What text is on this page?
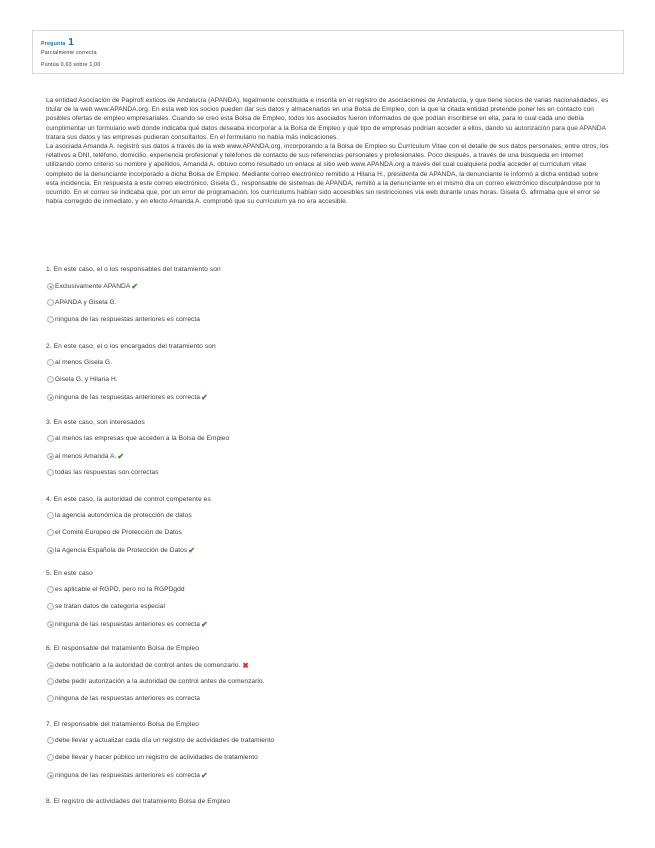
Pregunta 1
Parcialmente correcta
Puntúa 0,63 sobre 1,00

La entidad Asociación de Papirofl exticos de Andalucía (APANDA), legalmente constituida e inscrita en el registro de asociaciones de Andalucía, y que tiene socios de varias nacionalidades, es titular de la web www.APANDA.org. En esta web los socios pueden dar sus datos y almacenarlos en una Bolsa de Empleo, con la que la citada entidad pretende poner les en contacto con posibles ofertas de empleo empresariales. Cuando se creo esta Bolsa de Empleo, todos los asociados fueron informados de que podían inscribirse en ella, para lo cual cada uno debía cumplimentar un formulario web donde indicaba qué datos deseaba incorporar a la Bolsa de Empleo y qué tipo de empresas podrían acceder a ellos, dando su autorización para que APANDA tratara sus datos y las empresas pudieran consultarlos. En el formulario no había más indicaciones.

La asociada Amanda A. registró sus datos a través de la web www.APANDA.org, incorporando a la Bolsa de Empleo su Currículum Vitae con el detalle de sus datos personales, entre otros, los relativos a DNI, teléfono, domicilio, experiencia profesional y teléfonos de contacto de sus referencias personales y profesionales. Poco después, a través de una búsqueda en Internet utilizando como criterio su nombre y apellidos, Amanda A. obtuvo como resultado un enlace al sitio web www.APANDA.org a través del cual cualquiera podía acceder al currículum vitae completo de la denunciante incorporado a dicha Bolsa de Empleo. Mediante correo electrónico remitido a Hilaria H., presidenta de APANDA, la denunciante le informó a dicha entidad sobre esta incidencia. En respuesta a este correo electrónico, Gisela G., responsable de sistemas de APANDA, remitió a la denunciante en el mismo día un correo electrónico disculpándose por lo ocurrido. En el correo se indicaba que, por un error de programación, los currículums habían sido accesibles sin restricciones vía web durante unas horas. Gisela G. afirmaba que el error se había corregido de inmediato, y en efecto Amanda A. comprobó que su currículum ya no era accesible.

1. En este caso, el o los responsables del tratamiento son
Exclusivamente APANDA ✔
APANDA y Gisela G.
ninguna de las respuestas anteriores es correcta
2. En este caso, el o los encargados del tratamiento son
al menos Gisela G.
Gisela G. y Hilaria H.
ninguna de las respuestas anteriores es correcta ✔
3. En este caso, son interesados
al menos las empresas que acceden a la Bolsa de Empleo
al menos Amanda A. ✔
todas las respuestas son correctas
4. En este caso, la autoridad de control competente es
la agencia autonómica de protección de datos
el Comité Europeo de Protección de Datos
la Agencia Española de Protección de Datos ✔
5. En este caso
es aplicable el RGPD, pero no la RGPDgdd
se tratan datos de categoría especial
ninguna de las respuestas anteriores es correcta ✔
6. El responsable del tratamiento Bolsa de Empleo
debe notificarlo a la autoridad de control antes de comenzarlo. ✖
debe pedir autorización a la autoridad de control antes de comenzarlo.
ninguna de las respuestas anteriores es correcta
7. El responsable del tratamiento Bolsa de Empleo
debe llevar y actualizar cada día un registro de actividades de tratamiento
debe llevar y hacer público un registro de actividades de tratamiento
ninguna de las respuestas anteriores es correcta ✔
8. El registro de actividades del tratamiento Bolsa de Empleo
